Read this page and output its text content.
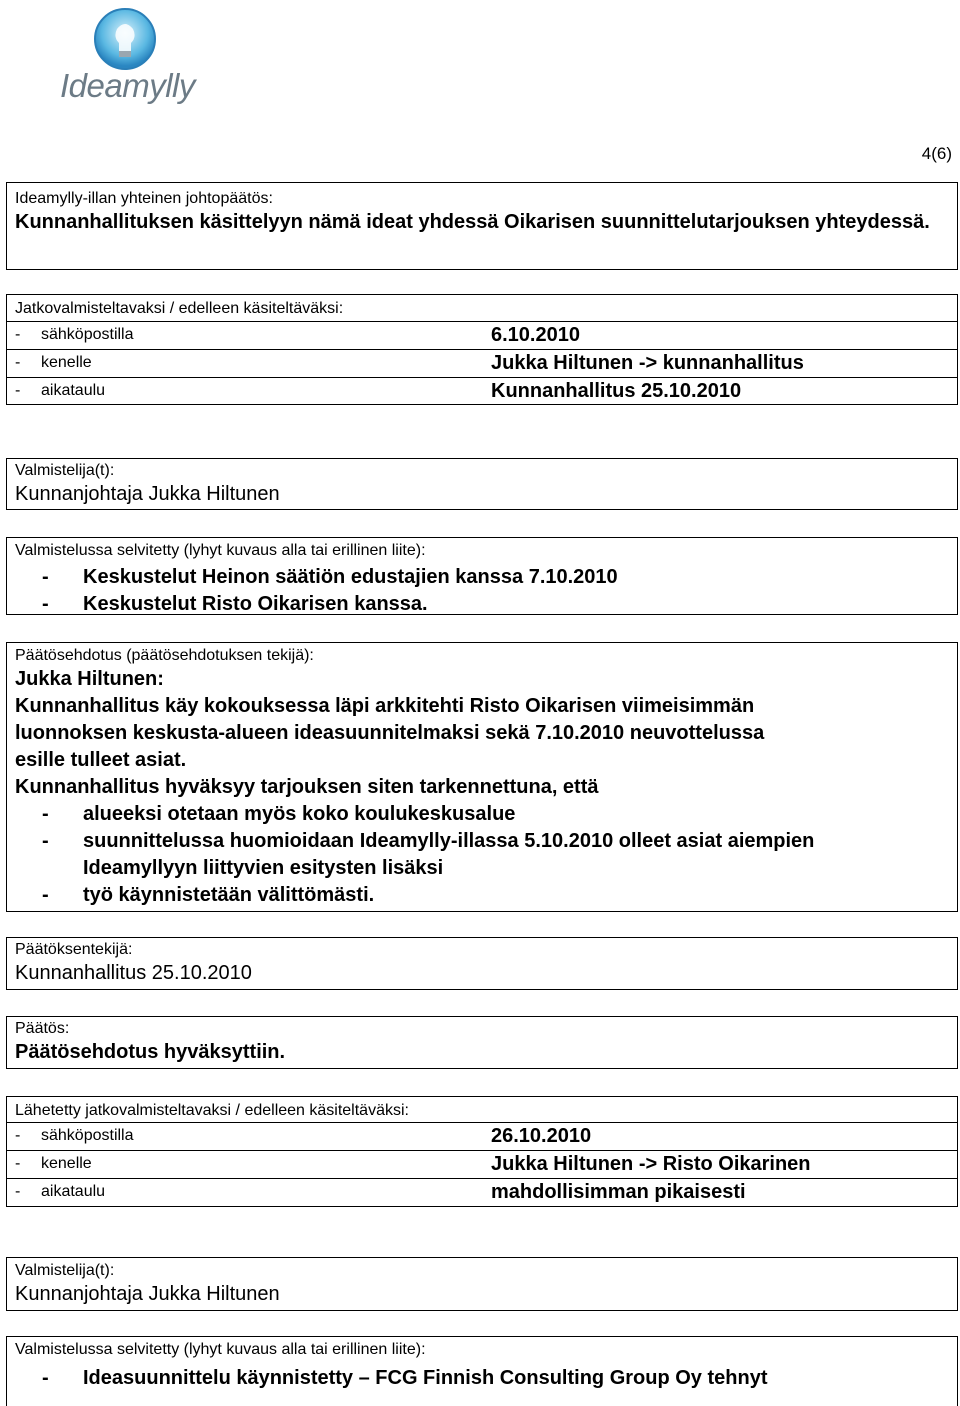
Ideamylly
4(6)
Ideamylly-illan yhteinen johtopäätös:
Kunnanhallituksen käsittelyyn nämä ideat yhdessä Oikarisen suunnittelutarjouksen yhteydessä.
Jatkovalmisteltavaksi / edelleen käsiteltäväksi:
- sähköpostilla	6.10.2010
- kenelle	Jukka Hiltunen -> kunnanhallitus
- aikataulu	Kunnanhallitus 25.10.2010
Valmistelija(t):
Kunnanjohtaja Jukka Hiltunen
Valmistelussa selvitetty (lyhyt kuvaus alla tai erillinen liite):
- Keskustelut Heinon säätiön edustajien kanssa 7.10.2010
- Keskustelut Risto Oikarisen kanssa.
Päätösehdotus (päätösehdotuksen tekijä):
Jukka Hiltunen:
Kunnanhallitus käy kokouksessa läpi arkkitehti Risto Oikarisen viimeisimmän
luonnoksen keskusta-alueen ideasuunnitelmaksi sekä 7.10.2010 neuvottelussa
esille tulleet asiat.
Kunnanhallitus hyväksyy tarjouksen siten tarkennettuna, että
- alueeksi otetaan myös koko koulukeskusalue
- suunnittelussa huomioidaan Ideamylly-illassa 5.10.2010 olleet asiat aiempien
Ideamyllyyn liittyvien esitysten lisäksi
- työ käynnistetään välittömästi.
Päätöksentekijä:
Kunnanhallitus 25.10.2010
Päätös:
Päätösehdotus hyväksyttiin.
Lähetetty jatkovalmisteltavaksi / edelleen käsiteltäväksi:
- sähköpostilla	26.10.2010
- kenelle	Jukka Hiltunen -> Risto Oikarinen
- aikataulu	mahdollisimman pikaisesti
Valmistelija(t):
Kunnanjohtaja Jukka Hiltunen
Valmistelussa selvitetty (lyhyt kuvaus alla tai erillinen liite):
- Ideasuunnittelu käynnistetty – FCG Finnish Consulting Group Oy tehnyt
